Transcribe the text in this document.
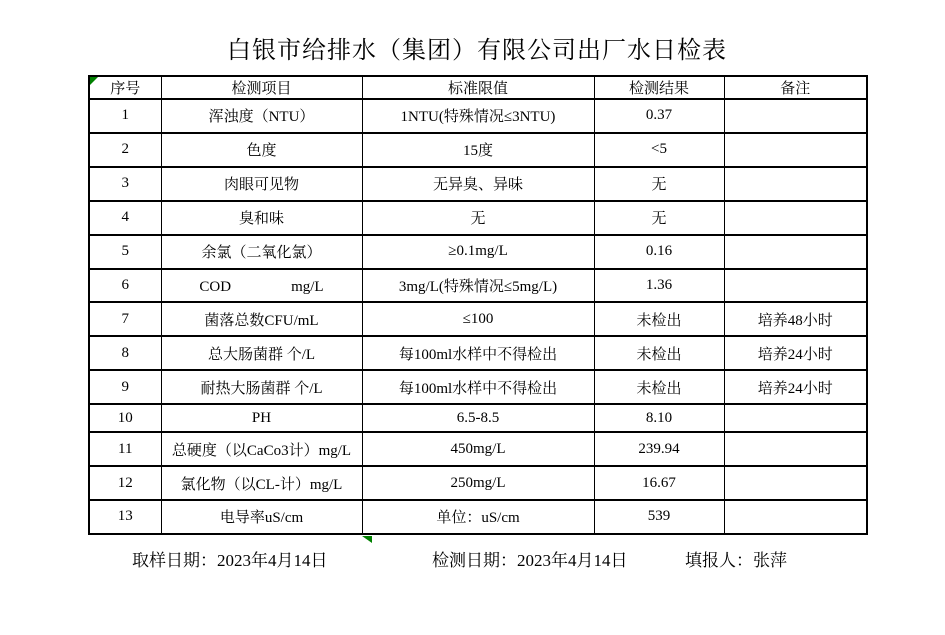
白银市给排水（集团）有限公司出厂水日检表
序号	检测项目	标准限值	检测结果	备注
1	浑浊度（NTU）	1NTU(特殊情况≤3NTU)	0.37	
2	色度	15度	<5	
3	肉眼可见物	无异臭、异味	无	
4	臭和味	无	无	
5	余氯（二氧化氯）	≥0.1mg/L	0.16	
6	COD　　　　mg/L	3mg/L(特殊情况≤5mg/L)	1.36	
7	菌落总数CFU/mL	≤100	未检出	培养48小时
8	总大肠菌群 个/L	每100ml水样中不得检出	未检出	培养24小时
9	耐热大肠菌群 个/L	每100ml水样中不得检出	未检出	培养24小时
10	PH	6.5-8.5	8.10	
11	总硬度（以CaCo3计）mg/L	450mg/L	239.94	
12	氯化物（以CL-计）mg/L	250mg/L	16.67	
13	电导率uS/cm	单位：uS/cm	539	
取样日期：2023年4月14日	检测日期：2023年4月14日	填报人：张萍
